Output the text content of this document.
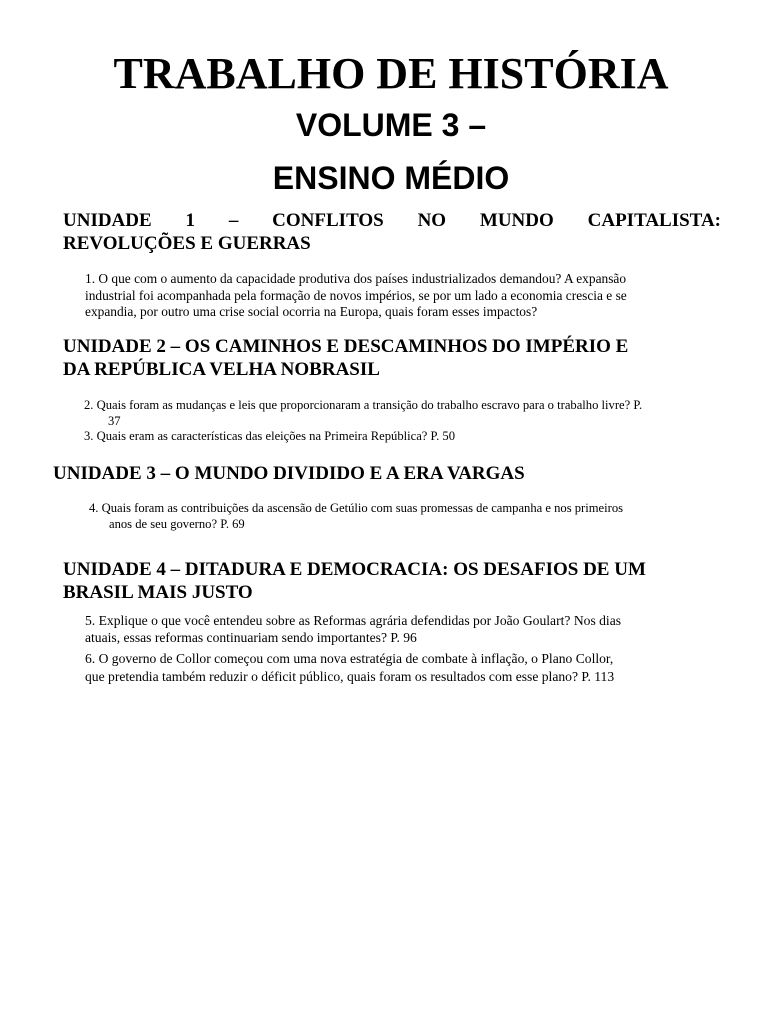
TRABALHO DE HISTÓRIA
VOLUME 3 –
ENSINO MÉDIO
UNIDADE 1 – CONFLITOS NO MUNDO CAPITALISTA:
REVOLUÇÕES E GUERRAS
1. O que com o aumento da capacidade produtiva dos países industrializados demandou? A expansão
industrial foi acompanhada pela formação de novos impérios, se por um lado a economia crescia e se
expandia, por outro uma crise social ocorria na Europa, quais foram esses impactos?
UNIDADE 2 – OS CAMINHOS E DESCAMINHOS DO IMPÉRIO E
DA REPÚBLICA VELHA NOBRASIL
2. Quais foram as mudanças e leis que proporcionaram a transição do trabalho escravo para o trabalho livre? P.
37
3. Quais eram as características das eleições na Primeira República? P. 50
UNIDADE 3 – O MUNDO DIVIDIDO E A ERA VARGAS
4. Quais foram as contribuições da ascensão de Getúlio com suas promessas de campanha e nos primeiros
anos de seu governo? P. 69
UNIDADE 4 – DITADURA E DEMOCRACIA: OS DESAFIOS DE UM
BRASIL MAIS JUSTO
5. Explique o que você entendeu sobre as Reformas agrária defendidas por João Goulart? Nos dias
atuais, essas reformas continuariam sendo importantes? P. 96
6. O governo de Collor começou com uma nova estratégia de combate à inflação, o Plano Collor,
que pretendia também reduzir o déficit público, quais foram os resultados com esse plano? P. 113
